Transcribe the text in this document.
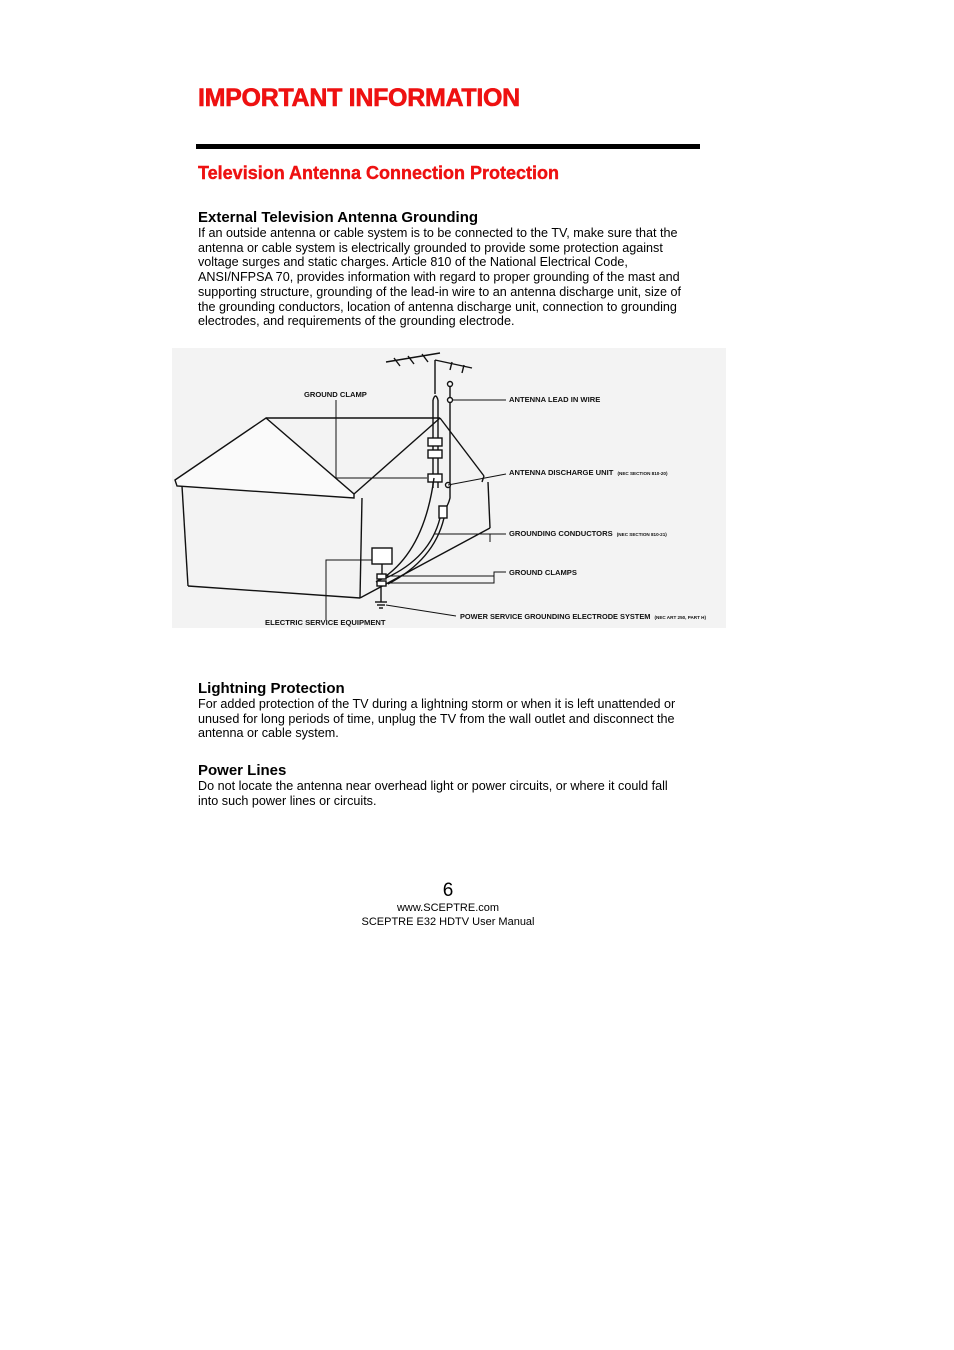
IMPORTANT INFORMATION
Television Antenna Connection Protection
External Television Antenna Grounding

If an outside antenna or cable system is to be connected to the TV, make sure that the
antenna or cable system is electrically grounded to provide some protection against
voltage surges and static charges. Article 810 of the National Electrical Code,
ANSI/NFPSA 70, provides information with regard to proper grounding of the mast and
supporting structure, grounding of the lead-in wire to an antenna discharge unit, size of
the grounding conductors, location of antenna discharge unit, connection to grounding
electrodes, and requirements of the grounding electrode.

GROUND CLAMP
ANTENNA LEAD IN WIRE
ANTENNA DISCHARGE UNIT (NEC SECTION 810-20)
GROUNDING CONDUCTORS (NEC SECTION 810-21)
GROUND CLAMPS
POWER SERVICE GROUNDING ELECTRODE SYSTEM (NEC ART 250, PART H)
ELECTRIC SERVICE EQUIPMENT
Lightning Protection

For added protection of the TV during a lightning storm or when it is left unattended or
unused for long periods of time, unplug the TV from the wall outlet and disconnect the
antenna or cable system.

Power Lines

Do not locate the antenna near overhead light or power circuits, or where it could fall
into such power lines or circuits.

6
www.SCEPTRE.com
SCEPTRE E32 HDTV User Manual
